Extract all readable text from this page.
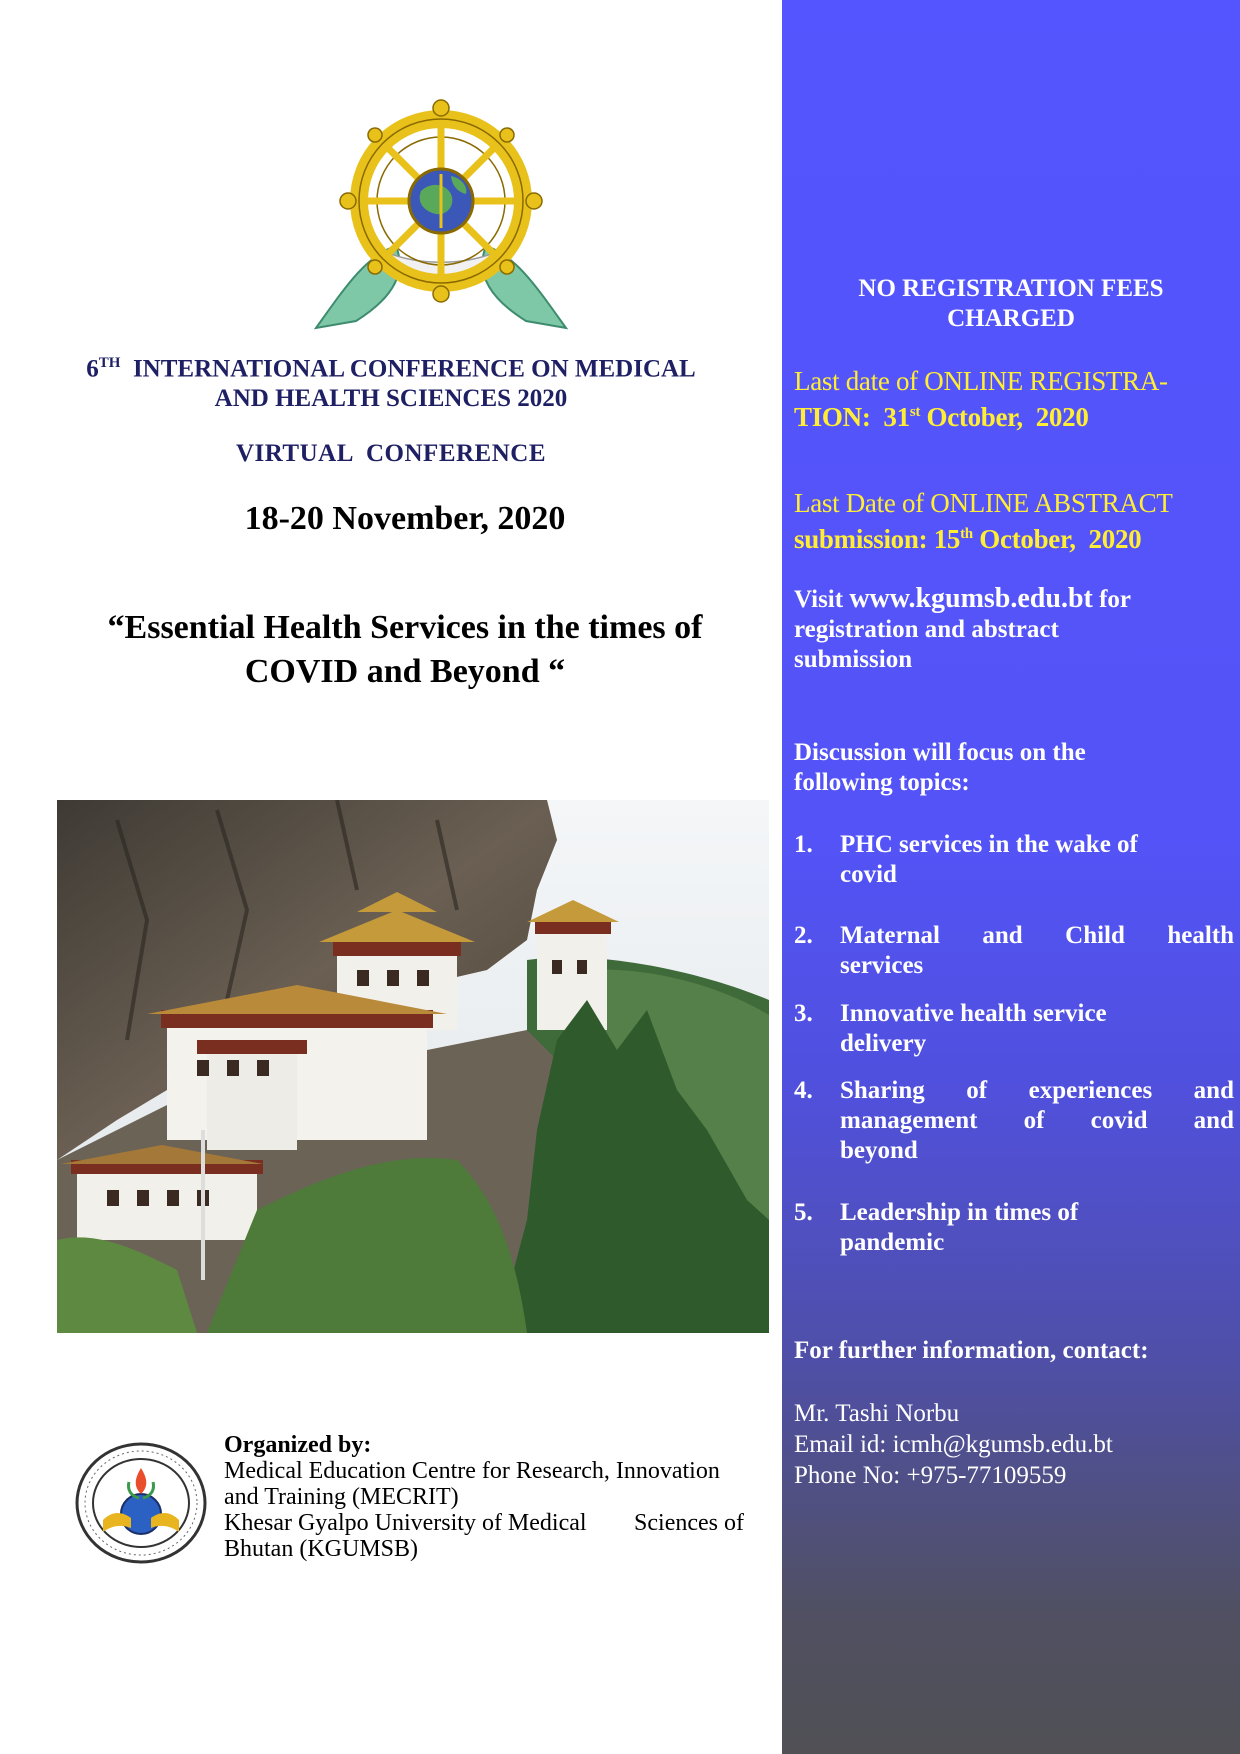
6TH INTERNATIONAL CONFERENCE ON MEDICAL
AND HEALTH SCIENCES 2020
VIRTUAL  CONFERENCE
18-20 November, 2020
“Essential Health Services in the times of
COVID and Beyond “
Organized by:
Medical Education Centre for Research, Innovation
and Training (MECRIT)
Khesar Gyalpo University of Medical Sciences of
Bhutan (KGUMSB)
NO REGISTRATION FEES
CHARGED
Last date of ONLINE REGISTRA-
TION:  31st October,  2020
Last Date of ONLINE ABSTRACT
submission: 15th October,  2020
Visit www.kgumsb.edu.bt for
registration and abstract
submission
Discussion will focus on the
following topics:
1.	PHC services in the wake of
covid
2.	Maternal and Child health
services
3.	Innovative health service
delivery
4.	Sharing of experiences and
management of covid and
beyond
5.	Leadership in times of
pandemic
For further information, contact:
Mr. Tashi Norbu
Email id: icmh@kgumsb.edu.bt
Phone No: +975-77109559
